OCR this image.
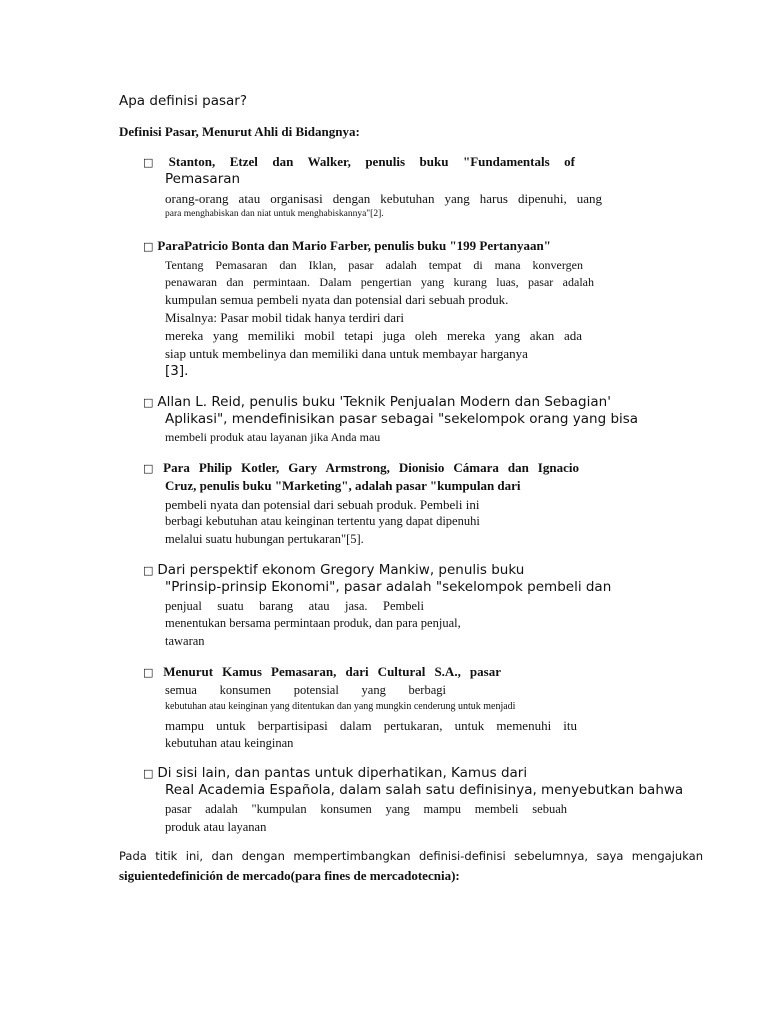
Apa definisi pasar?
Definisi Pasar, Menurut Ahli di Bidangnya:
□ Stanton, Etzel dan Walker, penulis buku "Fundamentals of
Pemasaran
orang-orang atau organisasi dengan kebutuhan yang harus dipenuhi, uang
para menghabiskan dan niat untuk menghabiskannya"[2].
□ ParaPatricio Bonta dan Mario Farber, penulis buku "199 Pertanyaan"
Tentang Pemasaran dan Iklan, pasar adalah tempat di mana konvergen
penawaran dan permintaan. Dalam pengertian yang kurang luas, pasar adalah
kumpulan semua pembeli nyata dan potensial dari sebuah produk.
Misalnya: Pasar mobil tidak hanya terdiri dari
mereka yang memiliki mobil tetapi juga oleh mereka yang akan ada
siap untuk membelinya dan memiliki dana untuk membayar harganya
[3].
□ Allan L. Reid, penulis buku 'Teknik Penjualan Modern dan Sebagian'
Aplikasi", mendefinisikan pasar sebagai "sekelompok orang yang bisa
membeli produk atau layanan jika Anda mau
□ Para Philip Kotler, Gary Armstrong, Dionisio Cámara dan Ignacio
Cruz, penulis buku "Marketing", adalah pasar "kumpulan dari
pembeli nyata dan potensial dari sebuah produk. Pembeli ini
berbagi kebutuhan atau keinginan tertentu yang dapat dipenuhi
melalui suatu hubungan pertukaran"[5].
□ Dari perspektif ekonom Gregory Mankiw, penulis buku
"Prinsip-prinsip Ekonomi", pasar adalah "sekelompok pembeli dan
penjual suatu barang atau jasa. Pembeli
menentukan bersama permintaan produk, dan para penjual,
tawaran
□ Menurut Kamus Pemasaran, dari Cultural S.A., pasar
semua konsumen potensial yang berbagi
kebutuhan atau keinginan yang ditentukan dan yang mungkin cenderung untuk menjadi
mampu untuk berpartisipasi dalam pertukaran, untuk memenuhi itu
kebutuhan atau keinginan
□ Di sisi lain, dan pantas untuk diperhatikan, Kamus dari
Real Academia Española, dalam salah satu definisinya, menyebutkan bahwa
pasar adalah "kumpulan konsumen yang mampu membeli sebuah
produk atau layanan
Pada titik ini, dan dengan mempertimbangkan definisi-definisi sebelumnya, saya mengajukan
siguientedefinición de mercado(para fines de mercadotecnia):
